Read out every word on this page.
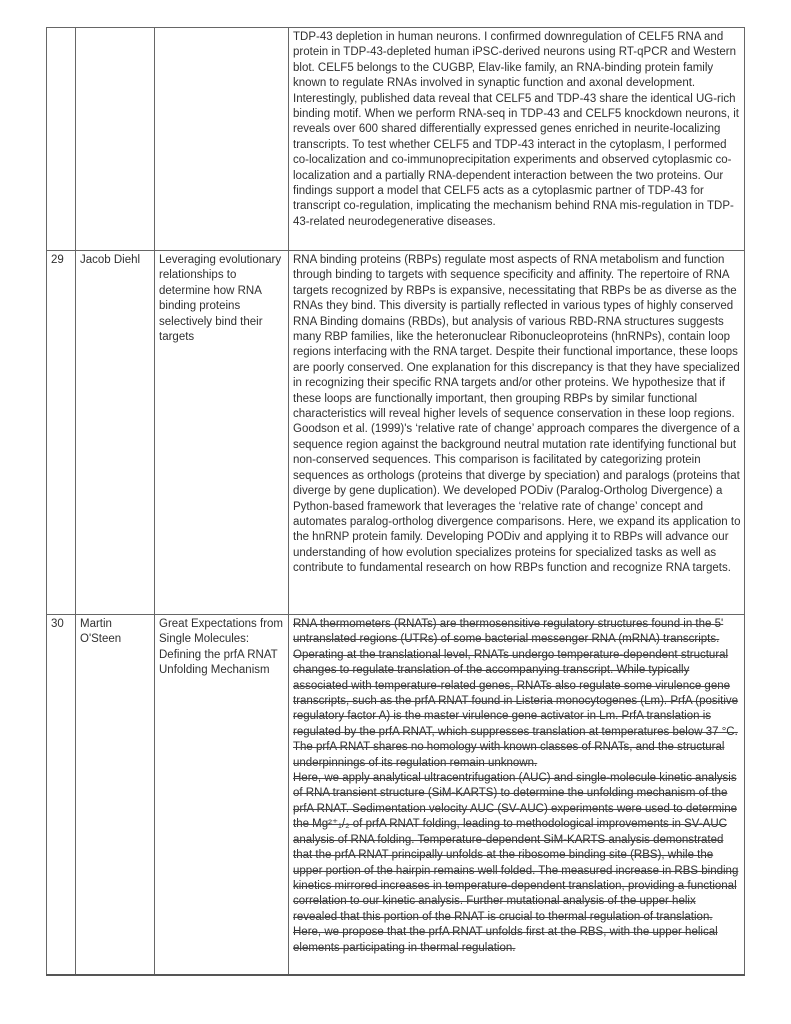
			TDP-43 depletion in human neurons. I confirmed downregulation of CELF5 RNA and protein in TDP-43-depleted human iPSC-derived neurons using RT-qPCR and Western blot. CELF5 belongs to the CUGBP, Elav-like family, an RNA-binding protein family known to regulate RNAs involved in synaptic function and axonal development. Interestingly, published data reveal that CELF5 and TDP-43 share the identical UG-rich binding motif. When we perform RNA-seq in TDP-43 and CELF5 knockdown neurons, it reveals over 600 shared differentially expressed genes enriched in neurite-localizing transcripts. To test whether CELF5 and TDP-43 interact in the cytoplasm, I performed co-localization and co-immunoprecipitation experiments and observed cytoplasmic co-localization and a partially RNA-dependent interaction between the two proteins. Our findings support a model that CELF5 acts as a cytoplasmic partner of TDP-43 for transcript co-regulation, implicating the mechanism behind RNA mis-regulation in TDP-43-related neurodegenerative diseases.

29	Jacob Diehl	Leveraging evolutionary relationships to determine how RNA binding proteins selectively bind their targets	RNA binding proteins (RBPs) regulate most aspects of RNA metabolism and function through binding to targets with sequence specificity and affinity. The repertoire of RNA targets recognized by RBPs is expansive, necessitating that RBPs be as diverse as the RNAs they bind. This diversity is partially reflected in various types of highly conserved RNA Binding domains (RBDs), but analysis of various RBD-RNA structures suggests many RBP families, like the heteronuclear Ribonucleoproteins (hnRNPs), contain loop regions interfacing with the RNA target. Despite their functional importance, these loops are poorly conserved. One explanation for this discrepancy is that they have specialized in recognizing their specific RNA targets and/or other proteins. We hypothesize that if these loops are functionally important, then grouping RBPs by similar functional characteristics will reveal higher levels of sequence conservation in these loop regions. Goodson et al. (1999)'s ‘relative rate of change’ approach compares the divergence of a sequence region against the background neutral mutation rate identifying functional but non-conserved sequences. This comparison is facilitated by categorizing protein sequences as orthologs (proteins that diverge by speciation) and paralogs (proteins that diverge by gene duplication). We developed PODiv (Paralog-Ortholog Divergence) a Python-based framework that leverages the ‘relative rate of change’ concept and automates paralog-ortholog divergence comparisons. Here, we expand its application to the hnRNP protein family. Developing PODiv and applying it to RBPs will advance our understanding of how evolution specializes proteins for specialized tasks as well as contribute to fundamental research on how RBPs function and recognize RNA targets.

30	Martin O'Steen	Great Expectations from Single Molecules: Defining the prfA RNAT Unfolding Mechanism	RNA thermometers (RNATs) are thermosensitive regulatory structures found in the 5' untranslated regions (UTRs) of some bacterial messenger RNA (mRNA) transcripts. Operating at the translational level, RNATs undergo temperature-dependent structural changes to regulate translation of the accompanying transcript. While typically associated with temperature-related genes, RNATs also regulate some virulence gene transcripts, such as the prfA RNAT found in Listeria monocytogenes (Lm). PrfA (positive regulatory factor A) is the master virulence gene activator in Lm. PrfA translation is regulated by the prfA RNAT, which suppresses translation at temperatures below 37 °C. The prfA RNAT shares no homology with known classes of RNATs, and the structural underpinnings of its regulation remain unknown.
Here, we apply analytical ultracentrifugation (AUC) and single-molecule kinetic analysis of RNA transient structure (SiM-KARTS) to determine the unfolding mechanism of the prfA RNAT. Sedimentation velocity AUC (SV-AUC) experiments were used to determine the Mg²⁺₁/₂ of prfA RNAT folding, leading to methodological improvements in SV-AUC analysis of RNA folding. Temperature-dependent SiM-KARTS analysis demonstrated that the prfA RNAT principally unfolds at the ribosome binding site (RBS), while the upper portion of the hairpin remains well folded. The measured increase in RBS binding kinetics mirrored increases in temperature-dependent translation, providing a functional correlation to our kinetic analysis. Further mutational analysis of the upper helix revealed that this portion of the RNAT is crucial to thermal regulation of translation. Here, we propose that the prfA RNAT unfolds first at the RBS, with the upper helical elements participating in thermal regulation.
